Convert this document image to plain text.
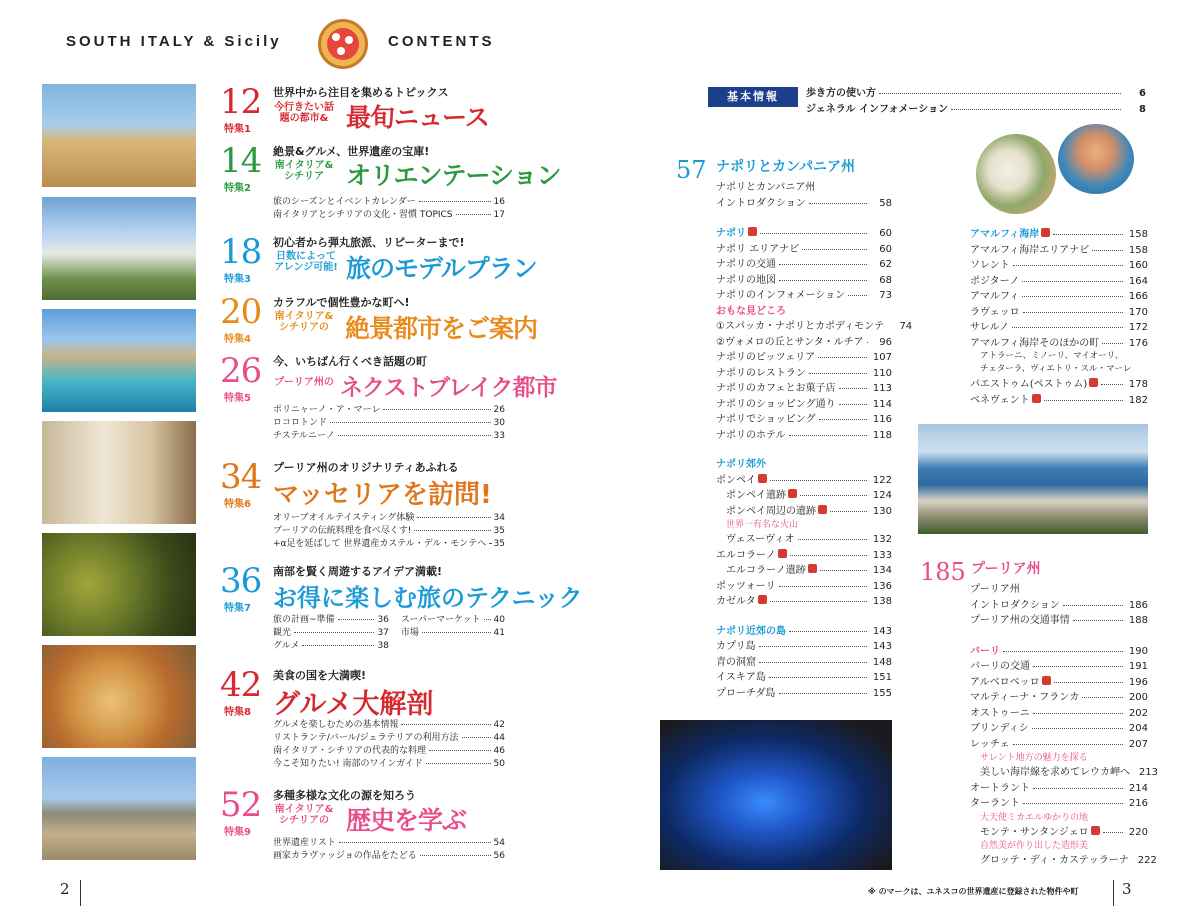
SOUTH ITALY & Sicily	CONTENTS
12
特集1
世界中から注目を集めるトピックス
今行きたい話題の都市& 最旬ニュース
14
特集2
絶景&グルメ、世界遺産の宝庫!
南イタリア&シチリア オリエンテーション
旅のシーズンとイベントカレンダー	16
南イタリアとシチリアの文化・習慣 TOPICS	17
18
特集3
初心者から弾丸旅派、リピーターまで!
日数によってアレンジ可能! 旅のモデルプラン
20
特集4
カラフルで個性豊かな町へ!
南イタリア&シチリアの 絶景都市をご案内
26
特集5
今、いちばん行くべき話題の町
プーリア州の ネクストブレイク都市
ポリニャーノ・ア・マーレ	26
ロコロトンド	30
チステルニーノ	33
34
特集6
プーリア州のオリジナリティあふれる
マッセリアを訪問!
オリーブオイルテイスティング体験	34
プーリアの伝統料理を食べ尽くす!	35
+α足を延ばして 世界遺産カステル・デル・モンテへ 35
36
特集7
南部を賢く周遊するアイデア満載!
お得に楽しむ旅のテクニック
旅の計画~準備	36
観光	37
グルメ	38
スーパーマーケット 40
市場	41
42
特集8
美食の国を大満喫!
グルメ大解剖
グルメを楽しむための基本情報	42
リストランテ/バール/ジェラテリアの利用方法	44
南イタリア・シチリアの代表的な料理	46
今こそ知りたい! 南部のワインガイド	50
52
特集9
多種多様な文化の源を知ろう
南イタリア&シチリアの 歴史を学ぶ
世界遺産リスト	54
画家カラヴァッジョの作品をたどる	56
基本情報	歩き方の使い方	6
ジェネラル インフォメーション	8
57 ナポリとカンパニア州
ナポリとカンパニア州
イントロダクション	58
ナポリ	60
ナポリ エリアナビ	60
ナポリの交通	62
ナポリの地図	68
ナポリのインフォメーション	73
おもな見どころ
①スパッカ・ナポリとカポディモンテ	74
②ヴォメロの丘とサンタ・ルチア	96
ナポリのピッツェリア	107
ナポリのレストラン	110
ナポリのカフェとお菓子店	113
ナポリのショッピング通り	114
ナポリでショッピング	116
ナポリのホテル	118
ナポリ郊外
ポンペイ	122
ポンペイ遺跡	124
ポンペイ周辺の遺跡	130
世界一有名な火山
ヴェスーヴィオ	132
エルコラーノ	133
エルコラーノ遺跡	134
ポッツォーリ	136
カゼルタ	138
ナポリ近郊の島	143
カプリ島	143
青の洞窟	148
イスキア島	151
プローチダ島	155
アマルフィ海岸	158
アマルフィ海岸エリアナビ	158
ソレント	160
ポジターノ	164
アマルフィ	166
ラヴェッロ	170
サレルノ	172
アマルフィ海岸そのほかの町	176
アトラーニ、ミノーリ、マイオーリ、
チェターラ、ヴィエトリ・スル・マーレ
パエストゥム(ペストゥム)	178
ベネヴェント	182
185 プーリア州
プーリア州
イントロダクション	186
プーリア州の交通事情	188
バーリ	190
バーリの交通	191
アルベロベッロ	196
マルティーナ・フランカ	200
オストゥーニ	202
ブリンディシ	204
レッチェ	207
サレント地方の魅力を探る
美しい海岸線を求めてレウカ岬へ 213
オートラント	214
ターラント	216
大天使ミカエルゆかりの地
モンテ・サンタンジェロ	220
自然美が作り出した造形美
グロッテ・ディ・カステッラーナ 222
2	3
※ のマークは、ユネスコの世界遺産に登録された物件や町
